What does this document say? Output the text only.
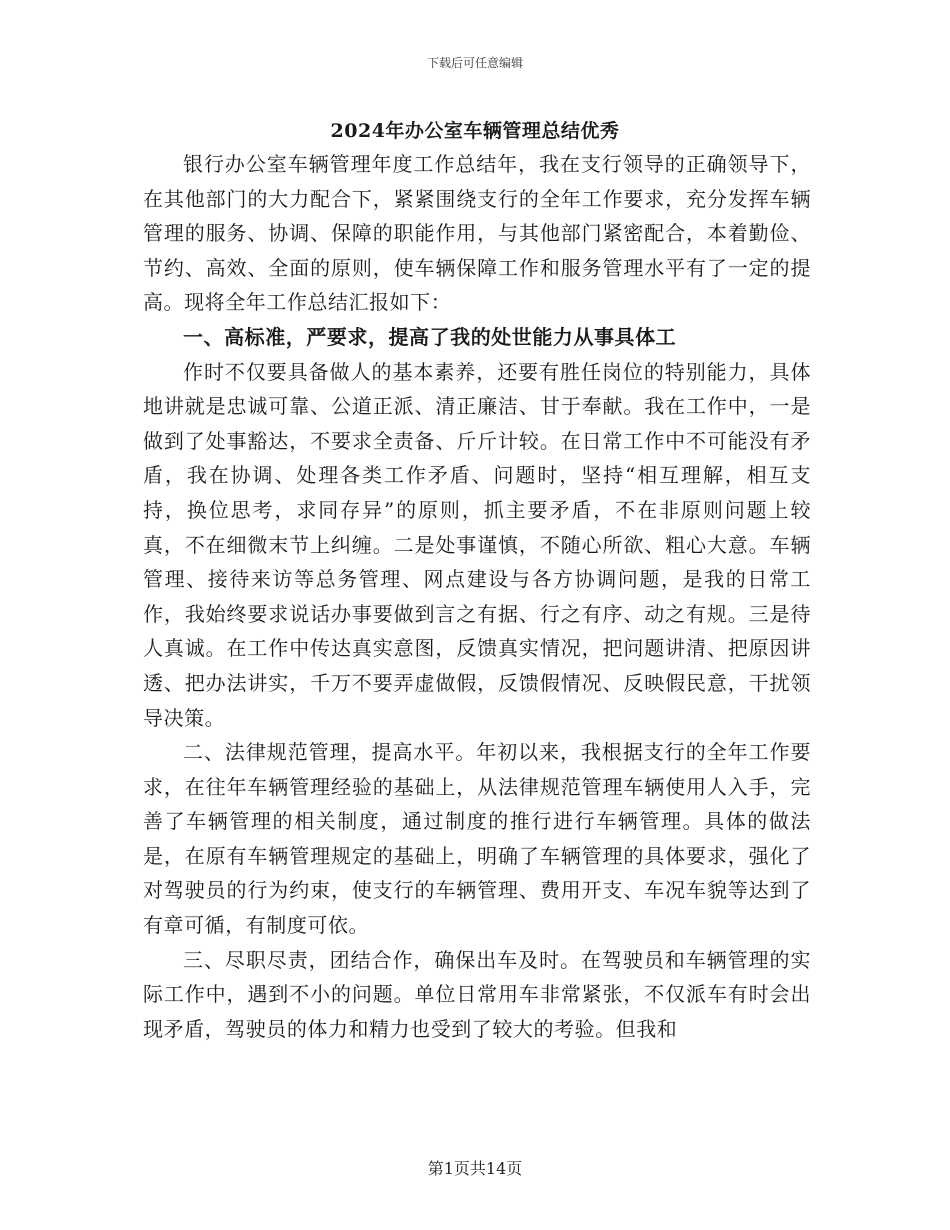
下载后可任意编辑
2024年办公室车辆管理总结优秀

银行办公室车辆管理年度工作总结年，我在支行领导的正确领导下，在其他部门的大力配合下，紧紧围绕支行的全年工作要求，充分发挥车辆管理的服务、协调、保障的职能作用，与其他部门紧密配合，本着勤俭、节约、高效、全面的原则，使车辆保障工作和服务管理水平有了一定的提高。现将全年工作总结汇报如下：

一、高标准，严要求，提高了我的处世能力从事具体工

作时不仅要具备做人的基本素养，还要有胜任岗位的特别能力，具体地讲就是忠诚可靠、公道正派、清正廉洁、甘于奉献。我在工作中，一是做到了处事豁达，不要求全责备、斤斤计较。在日常工作中不可能没有矛盾，我在协调、处理各类工作矛盾、问题时，坚持“相互理解，相互支持，换位思考，求同存异”的原则，抓主要矛盾，不在非原则问题上较真，不在细微末节上纠缠。二是处事谨慎，不随心所欲、粗心大意。车辆管理、接待来访等总务管理、网点建设与各方协调问题，是我的日常工作，我始终要求说话办事要做到言之有据、行之有序、动之有规。三是待人真诚。在工作中传达真实意图，反馈真实情况，把问题讲清、把原因讲透、把办法讲实，千万不要弄虚做假，反馈假情况、反映假民意，干扰领导决策。

二、法律规范管理，提高水平。年初以来，我根据支行的全年工作要求，在往年车辆管理经验的基础上，从法律规范管理车辆使用人入手，完善了车辆管理的相关制度，通过制度的推行进行车辆管理。具体的做法是，在原有车辆管理规定的基础上，明确了车辆管理的具体要求，强化了对驾驶员的行为约束，使支行的车辆管理、费用开支、车况车貌等达到了有章可循，有制度可依。

三、尽职尽责，团结合作，确保出车及时。在驾驶员和车辆管理的实际工作中，遇到不小的问题。单位日常用车非常紧张，不仅派车有时会出现矛盾，驾驶员的体力和精力也受到了较大的考验。但我和

第1页共14页
